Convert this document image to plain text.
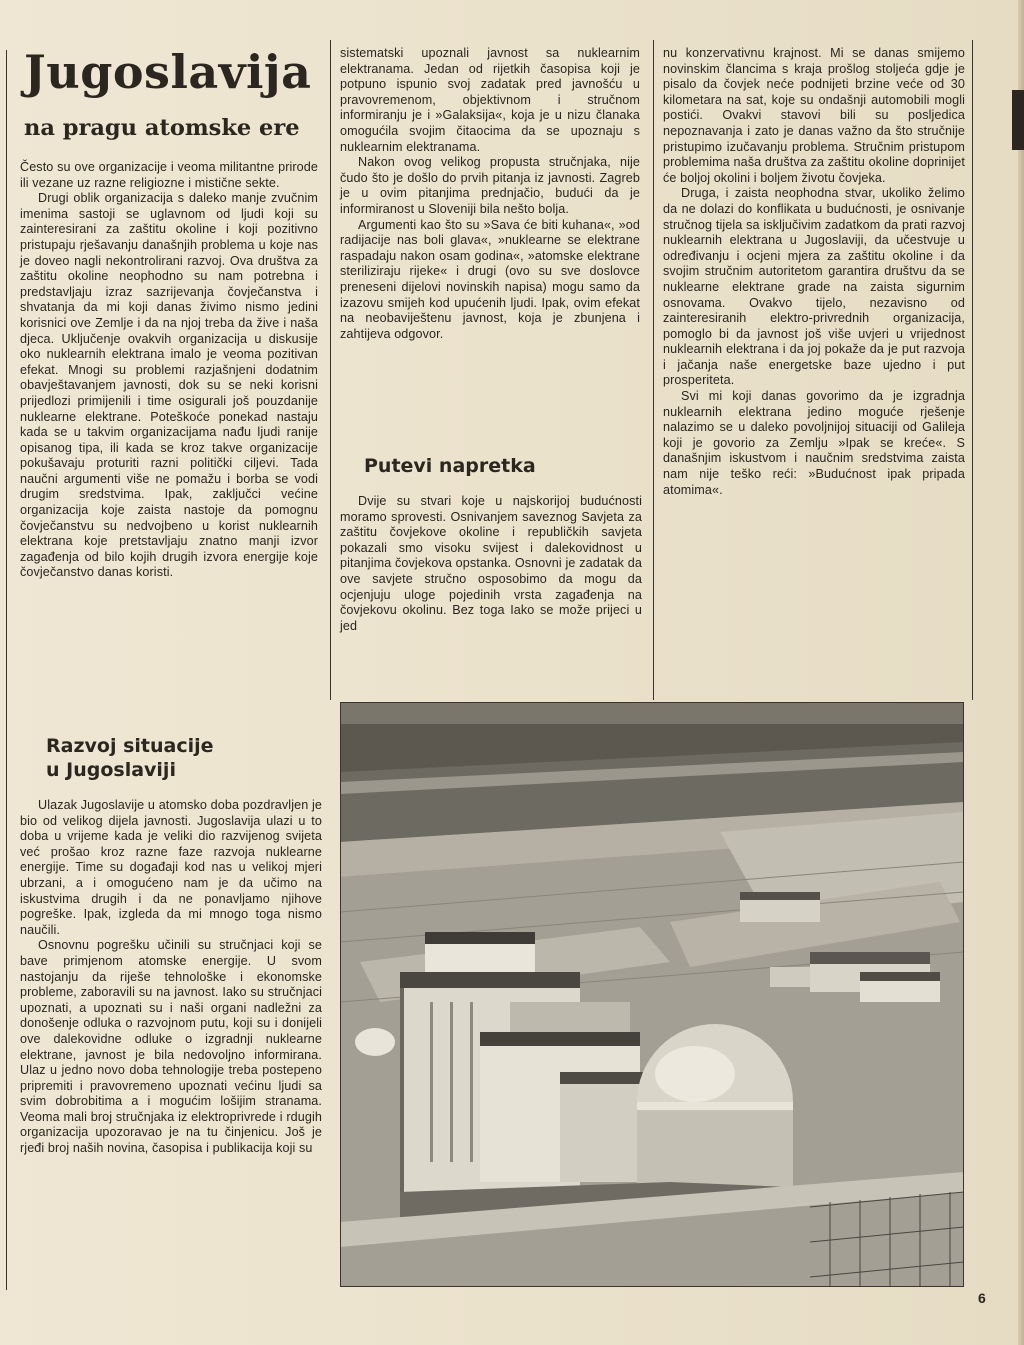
Jugoslavija
na pragu atomske ere

Često su ove organizacije i veoma militantne prirode ili vezane uz razne religiozne i mistične sekte.

Drugi oblik organizacija s daleko manje zvučnim imenima sastoji se uglavnom od ljudi koji su zainteresirani za zaštitu okoline i koji pozitivno pristupaju rješavanju današnjih problema u koje nas je doveo nagli nekontrolirani razvoj. Ova društva za zaštitu okoline neophodno su nam potrebna i predstavljaju izraz sazrijevanja čovječanstva i shvatanja da mi koji danas živimo nismo jedini korisnici ove Zemlje i da na njoj treba da žive i naša djeca. Uključenje ovakvih organizacija u diskusije oko nuklearnih elektrana imalo je veoma pozitivan efekat. Mnogi su problemi razjašnjeni dodatnim obavještavanjem javnosti, dok su se neki korisni prijedlozi primijenili i time osigurali još pouzdanije nuklearne elektrane. Poteškoće ponekad nastaju kada se u takvim organizacijama nađu ljudi ranije opisanog tipa, ili kada se kroz takve organizacije pokušavaju proturiti razni politički ciljevi. Tada naučni argumenti više ne pomažu i borba se vodi drugim sredstvima. Ipak, zaključci većine organizacija koje zaista nastoje da pomognu čovječanstvu su nedvojbeno u korist nuklearnih elektrana koje pretstavljaju znatno manji izvor zagađenja od bilo kojih drugih izvora energije koje čovječanstvo danas koristi.

Razvoj situacije
u Jugoslaviji

Ulazak Jugoslavije u atomsko doba pozdravljen je bio od velikog dijela javnosti. Jugoslavija ulazi u to doba u vrijeme kada je veliki dio razvijenog svijeta već prošao kroz razne faze razvoja nuklearne energije. Time su događaji kod nas u velikoj mjeri ubrzani, a i omogućeno nam je da učimo na iskustvima drugih i da ne ponavljamo njihove pogreške. Ipak, izgleda da mi mnogo toga nismo naučili.

Osnovnu pogrešku učinili su stručnjaci koji se bave primjenom atomske energije. U svom nastojanju da riješe tehnološke i ekonomske probleme, zaboravili su na javnost. Iako su stručnjaci upoznati, a upoznati su i naši organi nadležni za donošenje odluka o razvojnom putu, koji su i donijeli ove dalekovidne odluke o izgradnji nuklearne elektrane, javnost je bila nedovoljno informirana. Ulaz u jedno novo doba tehnologije treba postepeno pripremiti i pravovremeno upoznati većinu ljudi sa svim dobrobitima a i mogućim lošijim stranama. Veoma mali broj stručnjaka iz elektroprivrede i rdugih organizacija upozoravao je na tu činjenicu. Još je rjeđi broj naših novina, časopisa i publikacija koji su

sistematski upoznali javnost sa nuklearnim elektranama. Jedan od rijetkih časopisa koji je potpuno ispunio svoj zadatak pred javnošću u pravovremenom, objektivnom i stručnom informiranju je i »Galaksija«, koja je u nizu članaka omogućila svojim čitaocima da se upoznaju s nuklearnim elektranama.

Nakon ovog velikog propusta stručnjaka, nije čudo što je došlo do prvih pitanja iz javnosti. Zagreb je u ovim pitanjima prednjačio, budući da je informiranost u Sloveniji bila nešto bolja.

Argumenti kao što su »Sava će biti kuhana«, »od radijacije nas boli glava«, »nuklearne se elektrane raspadaju nakon osam godina«, »atomske elektrane steriliziraju rijeke« i drugi (ovo su sve doslovce preneseni dijelovi novinskih napisa) mogu samo da izazovu smijeh kod upućenih ljudi. Ipak, ovim efekat na neobaviještenu javnost, koja je zbunjena i zahtijeva odgovor.

Putevi napretka

Dvije su stvari koje u najskorijoj budućnosti moramo sprovesti. Osnivanjem saveznog Savjeta za zaštitu čovjekove okoline i republičkih savjeta pokazali smo visoku svijest i dalekovidnost u pitanjima čovjekova opstanka. Osnovni je zadatak da ove savjete stručno osposobimo da mogu da ocjenjuju uloge pojedinih vrsta zagađenja na čovjekovu okolinu. Bez toga Iako se može prijeci u jed

nu konzervativnu krajnost. Mi se danas smijemo novinskim člancima s kraja prošlog stoljeća gdje je pisalo da čovjek neće podnijeti brzine veće od 30 kilometara na sat, koje su ondašnji automobili mogli postići. Ovakvi stavovi bili su posljedica nepoznavanja i zato je danas važno da što stručnije pristupimo izučavanju problema. Stručnim pristupom problemima naša društva za zaštitu okoline doprinijet će boljoj okolini i boljem životu čovjeka.

Druga, i zaista neophodna stvar, ukoliko želimo da ne dolazi do konflikata u budućnosti, je osnivanje stručnog tijela sa isključivim zadatkom da prati razvoj nuklearnih elektrana u Jugoslaviji, da učestvuje u određivanju i ocjeni mjera za zaštitu okoline i da svojim stručnim autoritetom garantira društvu da se nuklearne elektrane grade na zaista sigurnim osnovama. Ovakvo tijelo, nezavisno od zainteresiranih elektro-privrednih organizacija, pomoglo bi da javnost još više uvjeri u vrijednost nuklearnih elektrana i da joj pokaže da je put razvoja i jačanja naše energetske baze ujedno i put prosperiteta.

Svi mi koji danas govorimo da je izgradnja nuklearnih elektrana jedino moguće rješenje nalazimo se u daleko povoljnijoj situaciji od Galileja koji je govorio za Zemlju »Ipak se kreće«. S današnjim iskustvom i naučnim sredstvima zaista nam nije teško reći: »Budućnost ipak pripada atomima«.

6
